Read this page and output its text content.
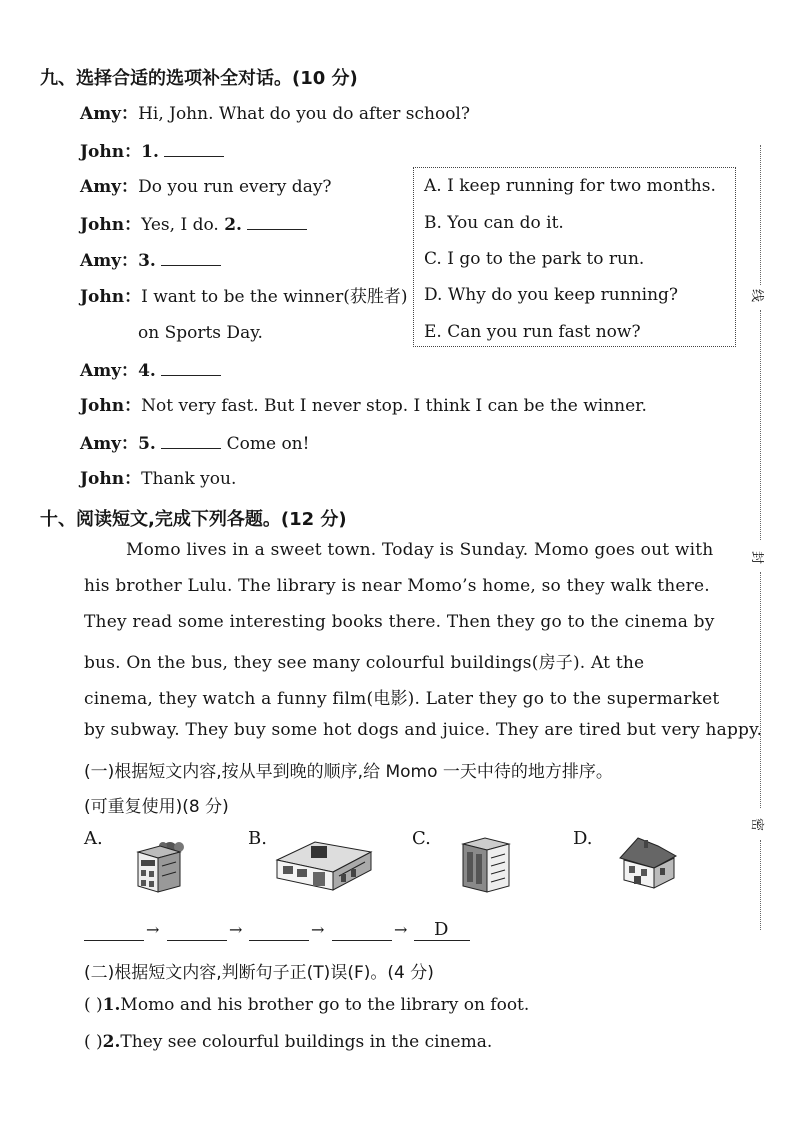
九、选择合适的选项补全对话。(10 分)
Amy：Hi, John. What do you do after school?
John：1.
Amy：Do you run every day?
John：Yes, I do. 2.
Amy：3.
John：I want to be the winner(获胜者)
on Sports Day.
Amy：4.
John：Not very fast. But I never stop. I think I can be the winner.
Amy：5.	Come on!
John：Thank you.
A. I keep running for two months.
B. You can do it.
C. I go to the park to run.
D. Why do you keep running?
E. Can you run fast now?
十、阅读短文,完成下列各题。(12 分)
Momo lives in a sweet town. Today is Sunday. Momo goes out with
his brother Lulu. The library is near Momo’s home, so they walk there.
They read some interesting books there. Then they go to the cinema by
bus. On the bus, they see many colourful buildings(房子). At the
cinema, they watch a funny film(电影). Later they go to the supermarket
by subway. They buy some hot dogs and juice. They are tired but very happy.
(一)根据短文内容,按从早到晚的顺序,给 Momo 一天中待的地方排序。
(可重复使用)(8 分)
A.	B.	C.	D.
→	→	→	→ D
(二)根据短文内容,判断句子正(T)误(F)。(4 分)
( )1.Momo and his brother go to the library on foot.
( )2.They see colourful buildings in the cinema.
线
封
密
